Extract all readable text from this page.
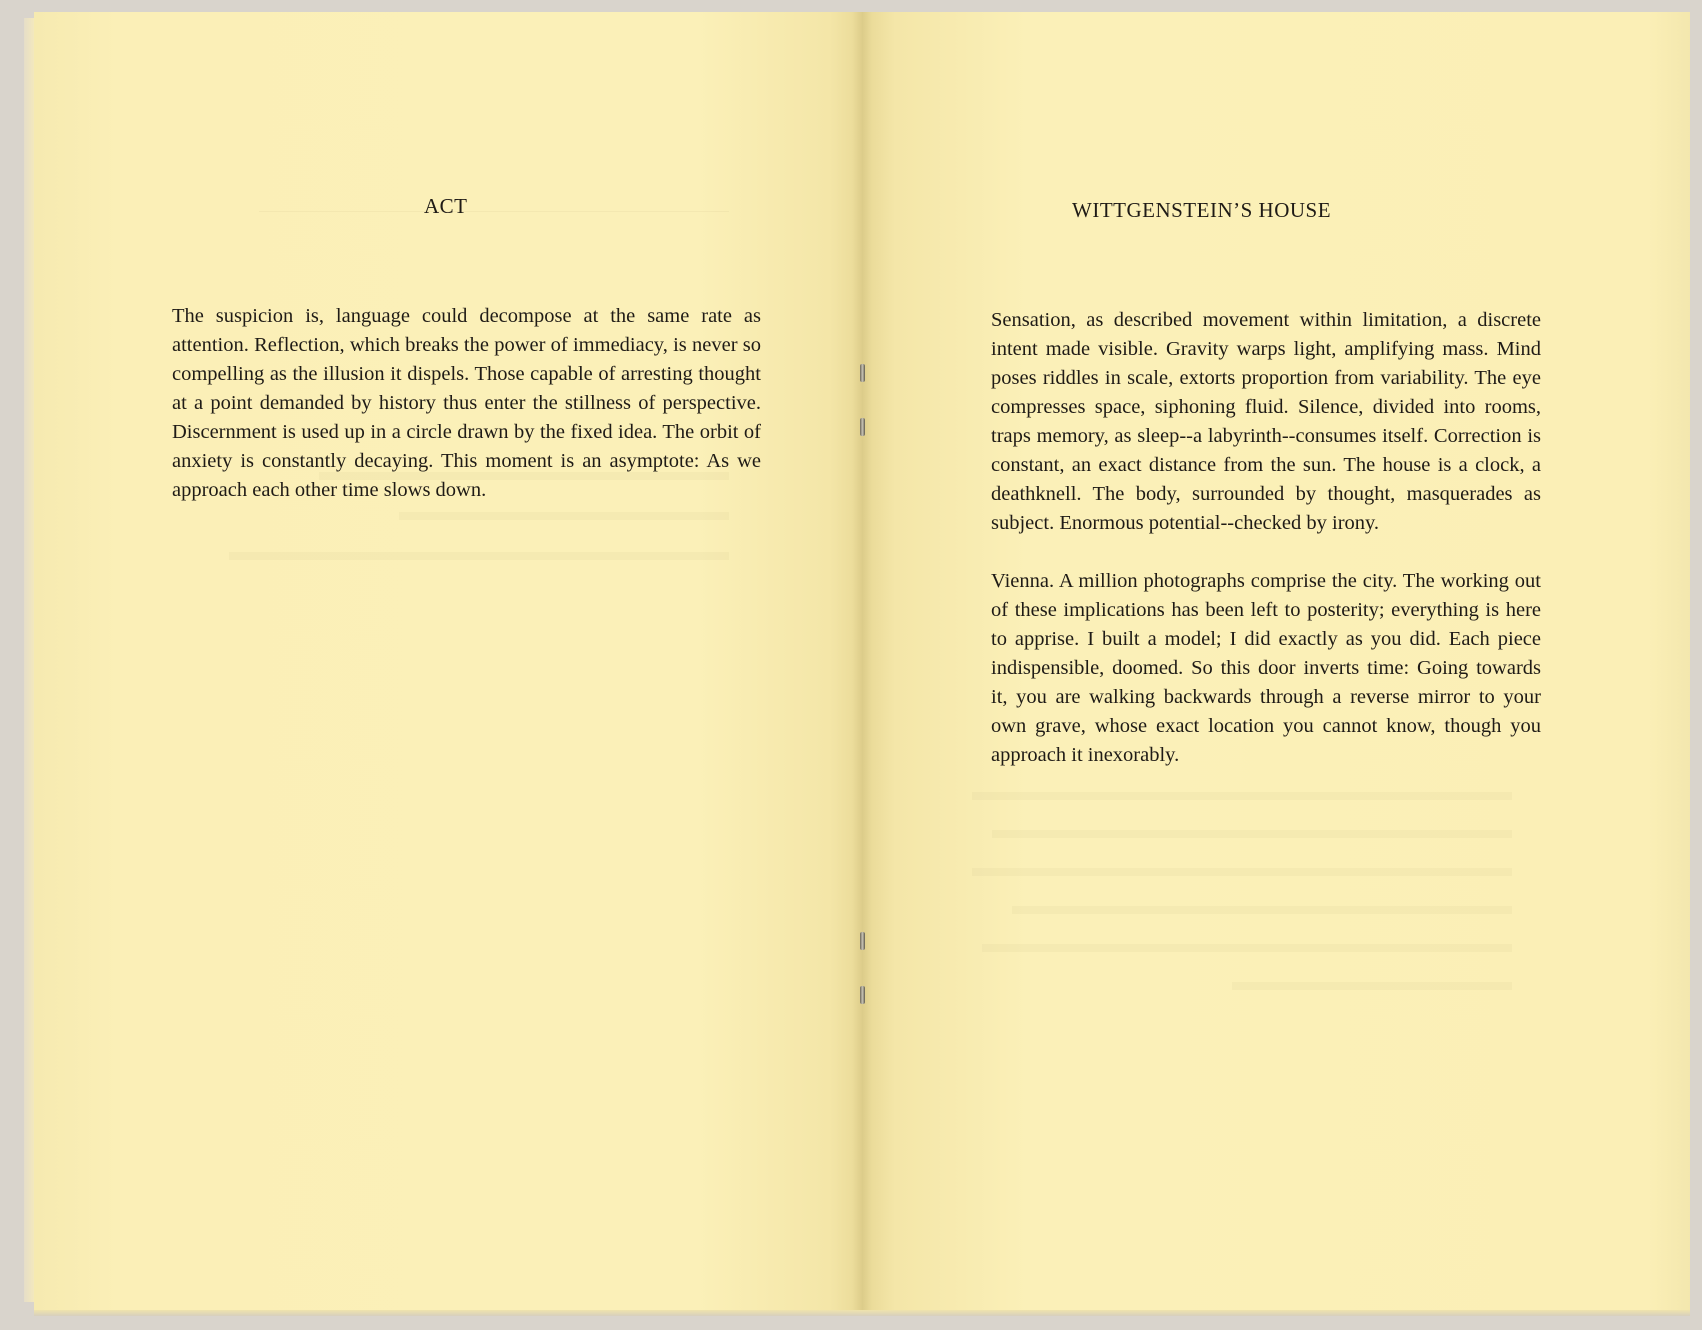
ACT

The suspicion is, language could decompose at the same rate as attention. Reflection, which breaks the power of immediacy, is never so compelling as the illusion it dispels. Those capable of arresting thought at a point demanded by history thus enter the stillness of perspective. Discernment is used up in a circle drawn by the fixed idea. The orbit of anxiety is constantly decaying. This moment is an asymptote: As we approach each other time slows down.

WITTGENSTEIN’S HOUSE

Sensation, as described movement within limitation, a discrete intent made visible. Gravity warps light, amplifying mass. Mind poses riddles in scale, extorts proportion from variability. The eye compresses space, siphoning fluid. Silence, divided into rooms, traps memory, as sleep--a labyrinth--consumes itself. Correction is constant, an exact distance from the sun. The house is a clock, a deathknell. The body, surrounded by thought, masquerades as subject. Enormous potential--checked by irony.

Vienna. A million photographs comprise the city. The working out of these implications has been left to posterity; everything is here to apprise. I built a model; I did exactly as you did. Each piece indispensible, doomed. So this door inverts time: Going towards it, you are walking backwards through a reverse mirror to your own grave, whose exact location you cannot know, though you approach it inexorably.
